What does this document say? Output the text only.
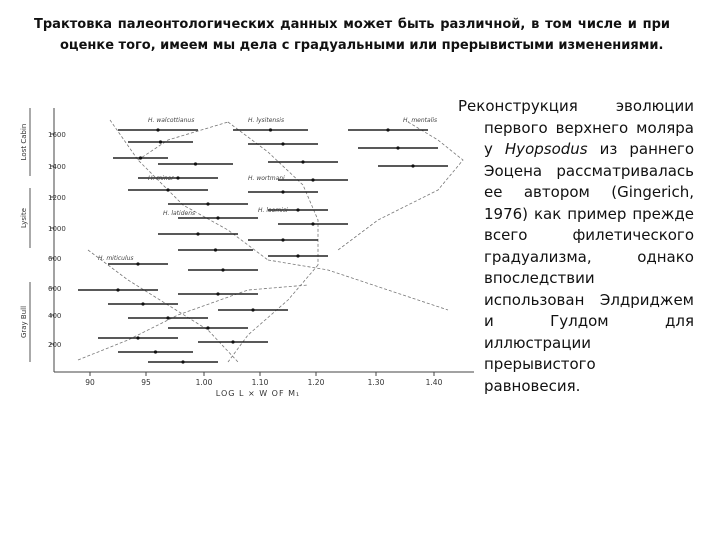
Трактовка палеонтологических данных может быть различной, в том числе и при оценке того, имеем мы дела с градуальными или прерывистыми изменениями.
1600
1400
1200
1000
600
600
400
200
Lost Cabin
Lysite
Gray Bull
H. walcottianus	H. lysitensis	H. mentalis
H. minor	H. wortmani
H. latidens	H. loomisi
H. miticulus
90	95	1.00	1.10	1.20	1.30	1.40
LOG L × W OF M₁
Реконструкция эволюции первого верхнего моляра у Hyopsodus из раннего Эоцена рассматривалась ее автором (Gingerich, 1976) как пример прежде всего филетического градуализма, однако впоследствии использован Элдриджем и Гулдом для иллюстрации прерывистого равновесия.
